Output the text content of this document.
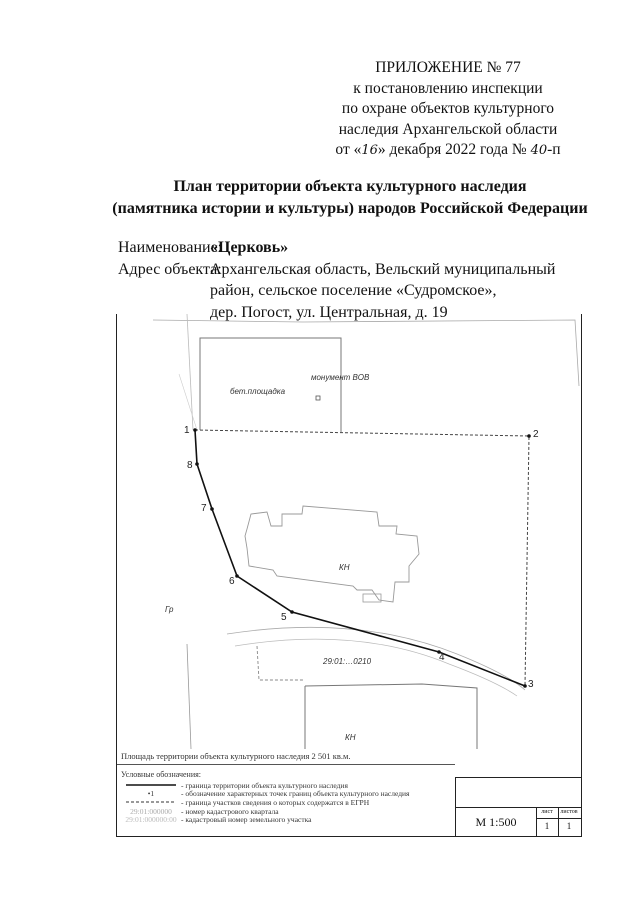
ПРИЛОЖЕНИЕ № 77
к постановлению инспекции
по охране объектов культурного
наследия Архангельской области
от «16» декабря 2022 года № 40-п
План территории объекта культурного наследия
(памятника истории и культуры) народов Российской Федерации
Наименование:
«Церковь»
Адрес объекта:
Архангельская область, Вельский муниципальный
район, сельское поселение «Судромское»,
дер. Погост, ул. Центральная, д. 19
1	2
3
4
5
6
7
8
монумент ВОВ
бет.площадка
КН
Гр
29:01:…0210
КН
Площадь территории объекта культурного наследия 2 501 кв.м.
Условные обозначения:
- граница территории объекта культурного наследия
•1	- обозначение характерных точек границ объекта культурного наследия
- граница участков сведения о которых содержатся в ЕГРН
29:01:000000	- номер кадастрового квартала
29:01:000000:00 - кадастровый номер земельного участка	М 1:500
лист	листов
1	1
